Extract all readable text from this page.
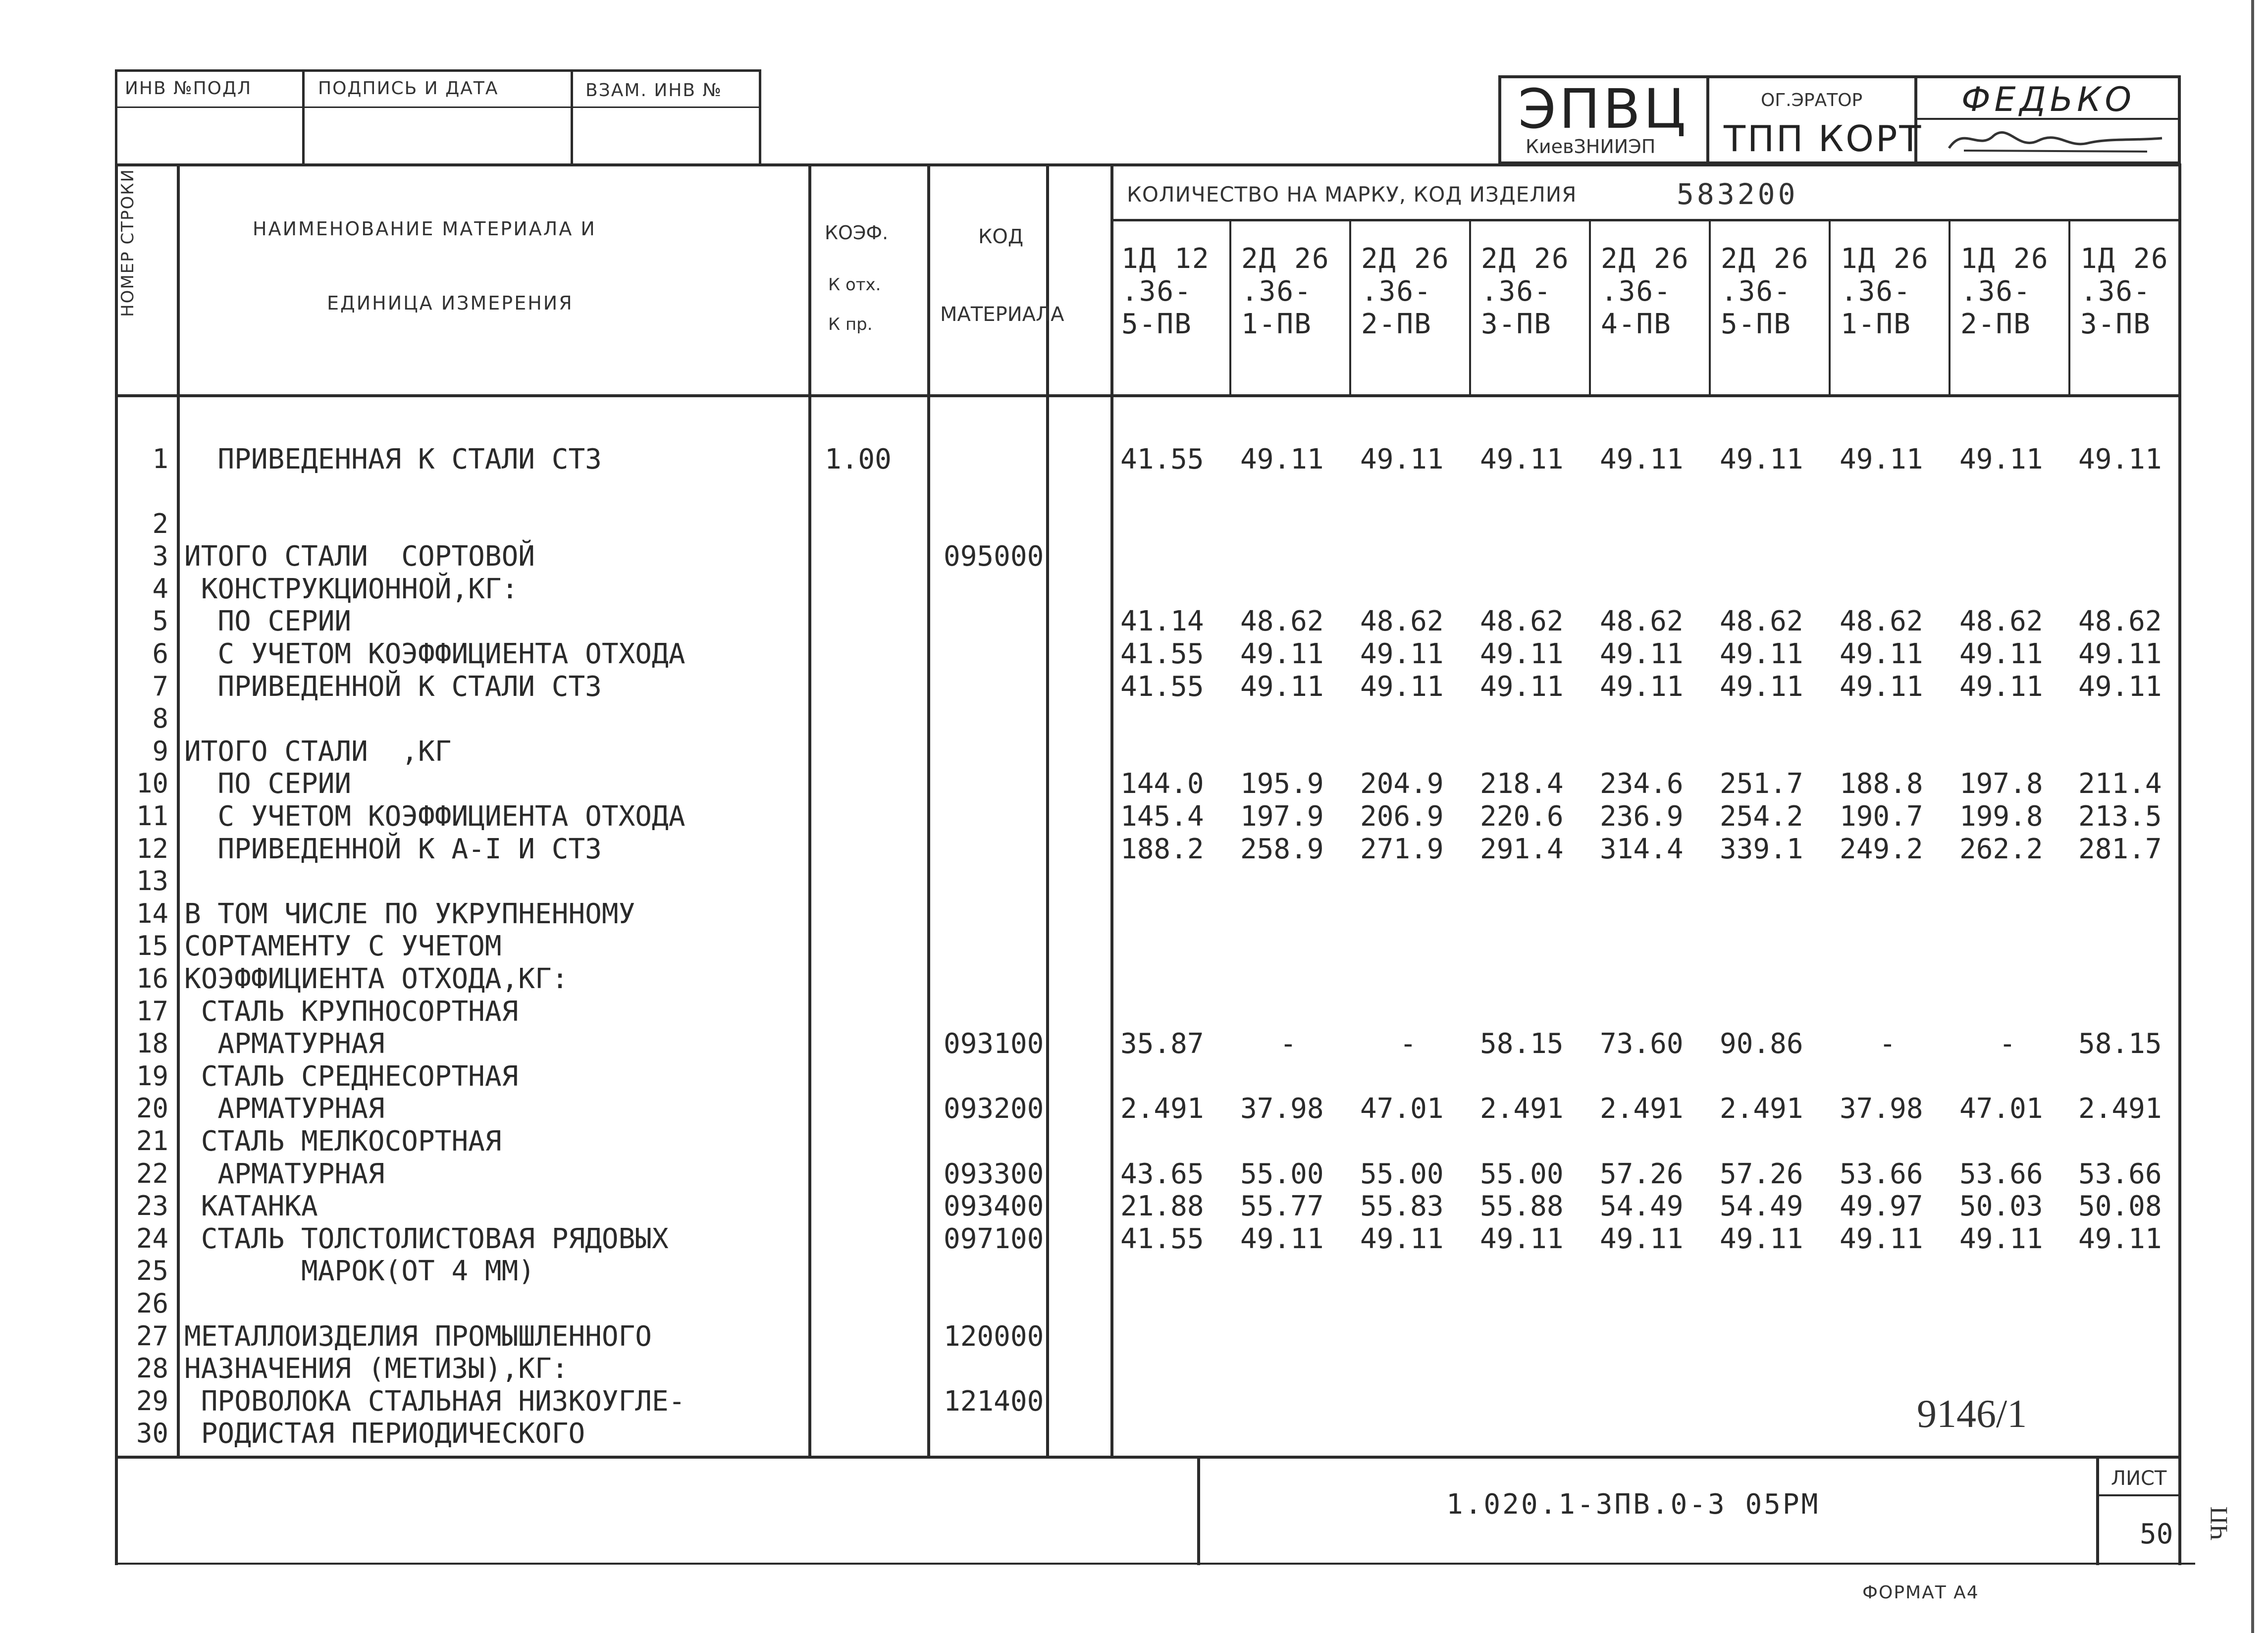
ИНВ №ПОДЛ	ПОДПИСЬ И ДАТА	ВЗАМ. ИНВ №	ЭПВЦ
КиевЗНИИЭП
ОГ.ЭРАТОР
ТПП КОРТ
ФЕДЬКО
НОМЕР СТРОКИ	НАИМЕНОВАНИЕ МАТЕРИАЛА И
ЕДИНИЦА ИЗМЕРЕНИЯ
КОЭФ.
К отх.
К пр.
КОД
МАТЕРИАЛА
КОЛИЧЕСТВО НА МАРКУ, КОД ИЗДЕЛИЯ	583200
1Д 12
.36-
5-ПВ
2Д 26
.36-
1-ПВ
2Д 26
.36-
2-ПВ
2Д 26
.36-
3-ПВ
2Д 26
.36-
4-ПВ
2Д 26
.36-
5-ПВ
1Д 26
.36-
1-ПВ
1Д 26
.36-
2-ПВ
1Д 26
.36-
3-ПВ
1 ПРИВЕДЕННАЯ К СТАЛИ СТ3	1.00	41.55	49.11	49.11	49.11	49.11	49.11	49.11	49.11	49.11
2
3 ИТОГО СТАЛИ  СОРТОВОЙ	095000
4 КОНСТРУКЦИОННОЙ,КГ:
5 ПО СЕРИИ	41.14	48.62	48.62	48.62	48.62	48.62	48.62	48.62	48.62
6 С УЧЕТОМ КОЭФФИЦИЕНТА ОТХОДА	41.55	49.11	49.11	49.11	49.11	49.11	49.11	49.11	49.11
7 ПРИВЕДЕННОЙ К СТАЛИ СТ3	41.55	49.11	49.11	49.11	49.11	49.11	49.11	49.11	49.11
8
9 ИТОГО СТАЛИ  ,КГ
10 ПО СЕРИИ	144.0	195.9	204.9	218.4	234.6	251.7	188.8	197.8	211.4
11 С УЧЕТОМ КОЭФФИЦИЕНТА ОТХОДА	145.4	197.9	206.9	220.6	236.9	254.2	190.7	199.8	213.5
12 ПРИВЕДЕННОЙ К А-I И СТ3	188.2	258.9	271.9	291.4	314.4	339.1	249.2	262.2	281.7
13
14 В ТОМ ЧИСЛЕ ПО УКРУПНЕННОМУ
15 СОРТАМЕНТУ С УЧЕТОМ
16 КОЭФФИЦИЕНТА ОТХОДА,КГ:
17 СТАЛЬ КРУПНОСОРТНАЯ
18 АРМАТУРНАЯ	093100	35.87	-	-	58.15	73.60	90.86	-	-	58.15
19 СТАЛЬ СРЕДНЕСОРТНАЯ
20 АРМАТУРНАЯ	093200	2.491	37.98	47.01	2.491	2.491	2.491	37.98	47.01	2.491
21 СТАЛЬ МЕЛКОСОРТНАЯ
22 АРМАТУРНАЯ	093300	43.65	55.00	55.00	55.00	57.26	57.26	53.66	53.66	53.66
23 КАТАНКА	093400	21.88	55.77	55.83	55.88	54.49	54.49	49.97	50.03	50.08
24 СТАЛЬ ТОЛСТОЛИСТОВАЯ РЯДОВЫХ	097100	41.55	49.11	49.11	49.11	49.11	49.11	49.11	49.11	49.11
25 МАРОК(ОТ 4 ММ)
26
27 МЕТАЛЛОИЗДЕЛИЯ ПРОМЫШЛЕННОГО	120000
28 НАЗНАЧЕНИЯ (МЕТИЗЫ),КГ:
29 ПРОВОЛОКА СТАЛЬНАЯ НИЗКОУГЛЕ-	121400
30 РОДИСТАЯ ПЕРИОДИЧЕСКОГО	9146/1
1.020.1-3ПВ.0-3 05РМ
ЛИСТ
50
ФОРМАТ А4
ЧП
